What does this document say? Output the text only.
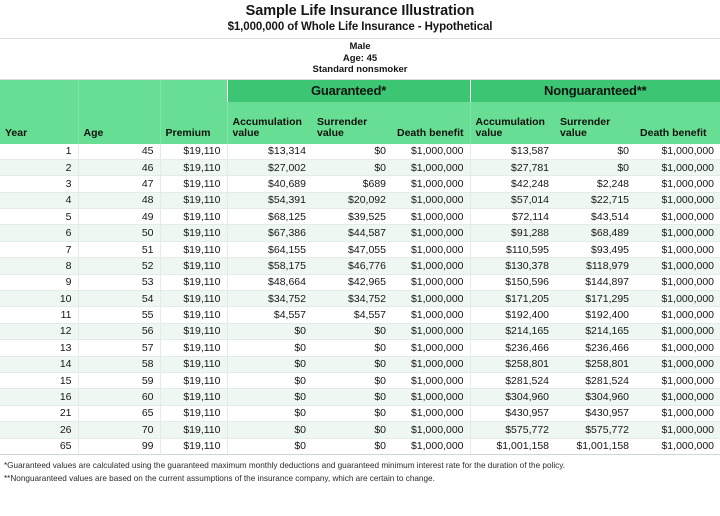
Sample Life Insurance Illustration
$1,000,000 of Whole Life Insurance - Hypothetical
Male
Age: 45
Standard nonsmoker
			Guaranteed*			Nonguaranteed**		
Year	Age	Premium	Accumulation value	Surrender value	Death benefit	Accumulation value	Surrender value	Death benefit
1	45	$19,110	$13,314	$0	$1,000,000	$13,587	$0	$1,000,000
2	46	$19,110	$27,002	$0	$1,000,000	$27,781	$0	$1,000,000
3	47	$19,110	$40,689	$689	$1,000,000	$42,248	$2,248	$1,000,000
4	48	$19,110	$54,391	$20,092	$1,000,000	$57,014	$22,715	$1,000,000
5	49	$19,110	$68,125	$39,525	$1,000,000	$72,114	$43,514	$1,000,000
6	50	$19,110	$67,386	$44,587	$1,000,000	$91,288	$68,489	$1,000,000
7	51	$19,110	$64,155	$47,055	$1,000,000	$110,595	$93,495	$1,000,000
8	52	$19,110	$58,175	$46,776	$1,000,000	$130,378	$118,979	$1,000,000
9	53	$19,110	$48,664	$42,965	$1,000,000	$150,596	$144,897	$1,000,000
10	54	$19,110	$34,752	$34,752	$1,000,000	$171,205	$171,295	$1,000,000
11	55	$19,110	$4,557	$4,557	$1,000,000	$192,400	$192,400	$1,000,000
12	56	$19,110	$0	$0	$1,000,000	$214,165	$214,165	$1,000,000
13	57	$19,110	$0	$0	$1,000,000	$236,466	$236,466	$1,000,000
14	58	$19,110	$0	$0	$1,000,000	$258,801	$258,801	$1,000,000
15	59	$19,110	$0	$0	$1,000,000	$281,524	$281,524	$1,000,000
16	60	$19,110	$0	$0	$1,000,000	$304,960	$304,960	$1,000,000
21	65	$19,110	$0	$0	$1,000,000	$430,957	$430,957	$1,000,000
26	70	$19,110	$0	$0	$1,000,000	$575,772	$575,772	$1,000,000
65	99	$19,110	$0	$0	$1,000,000	$1,001,158	$1,001,158	$1,000,000
*Guaranteed values are calculated using the guaranteed maximum monthly deductions and guaranteed minimum interest rate for the duration of the policy.
**Nonguaranteed values are based on the current assumptions of the insurance company, which are certain to change.
